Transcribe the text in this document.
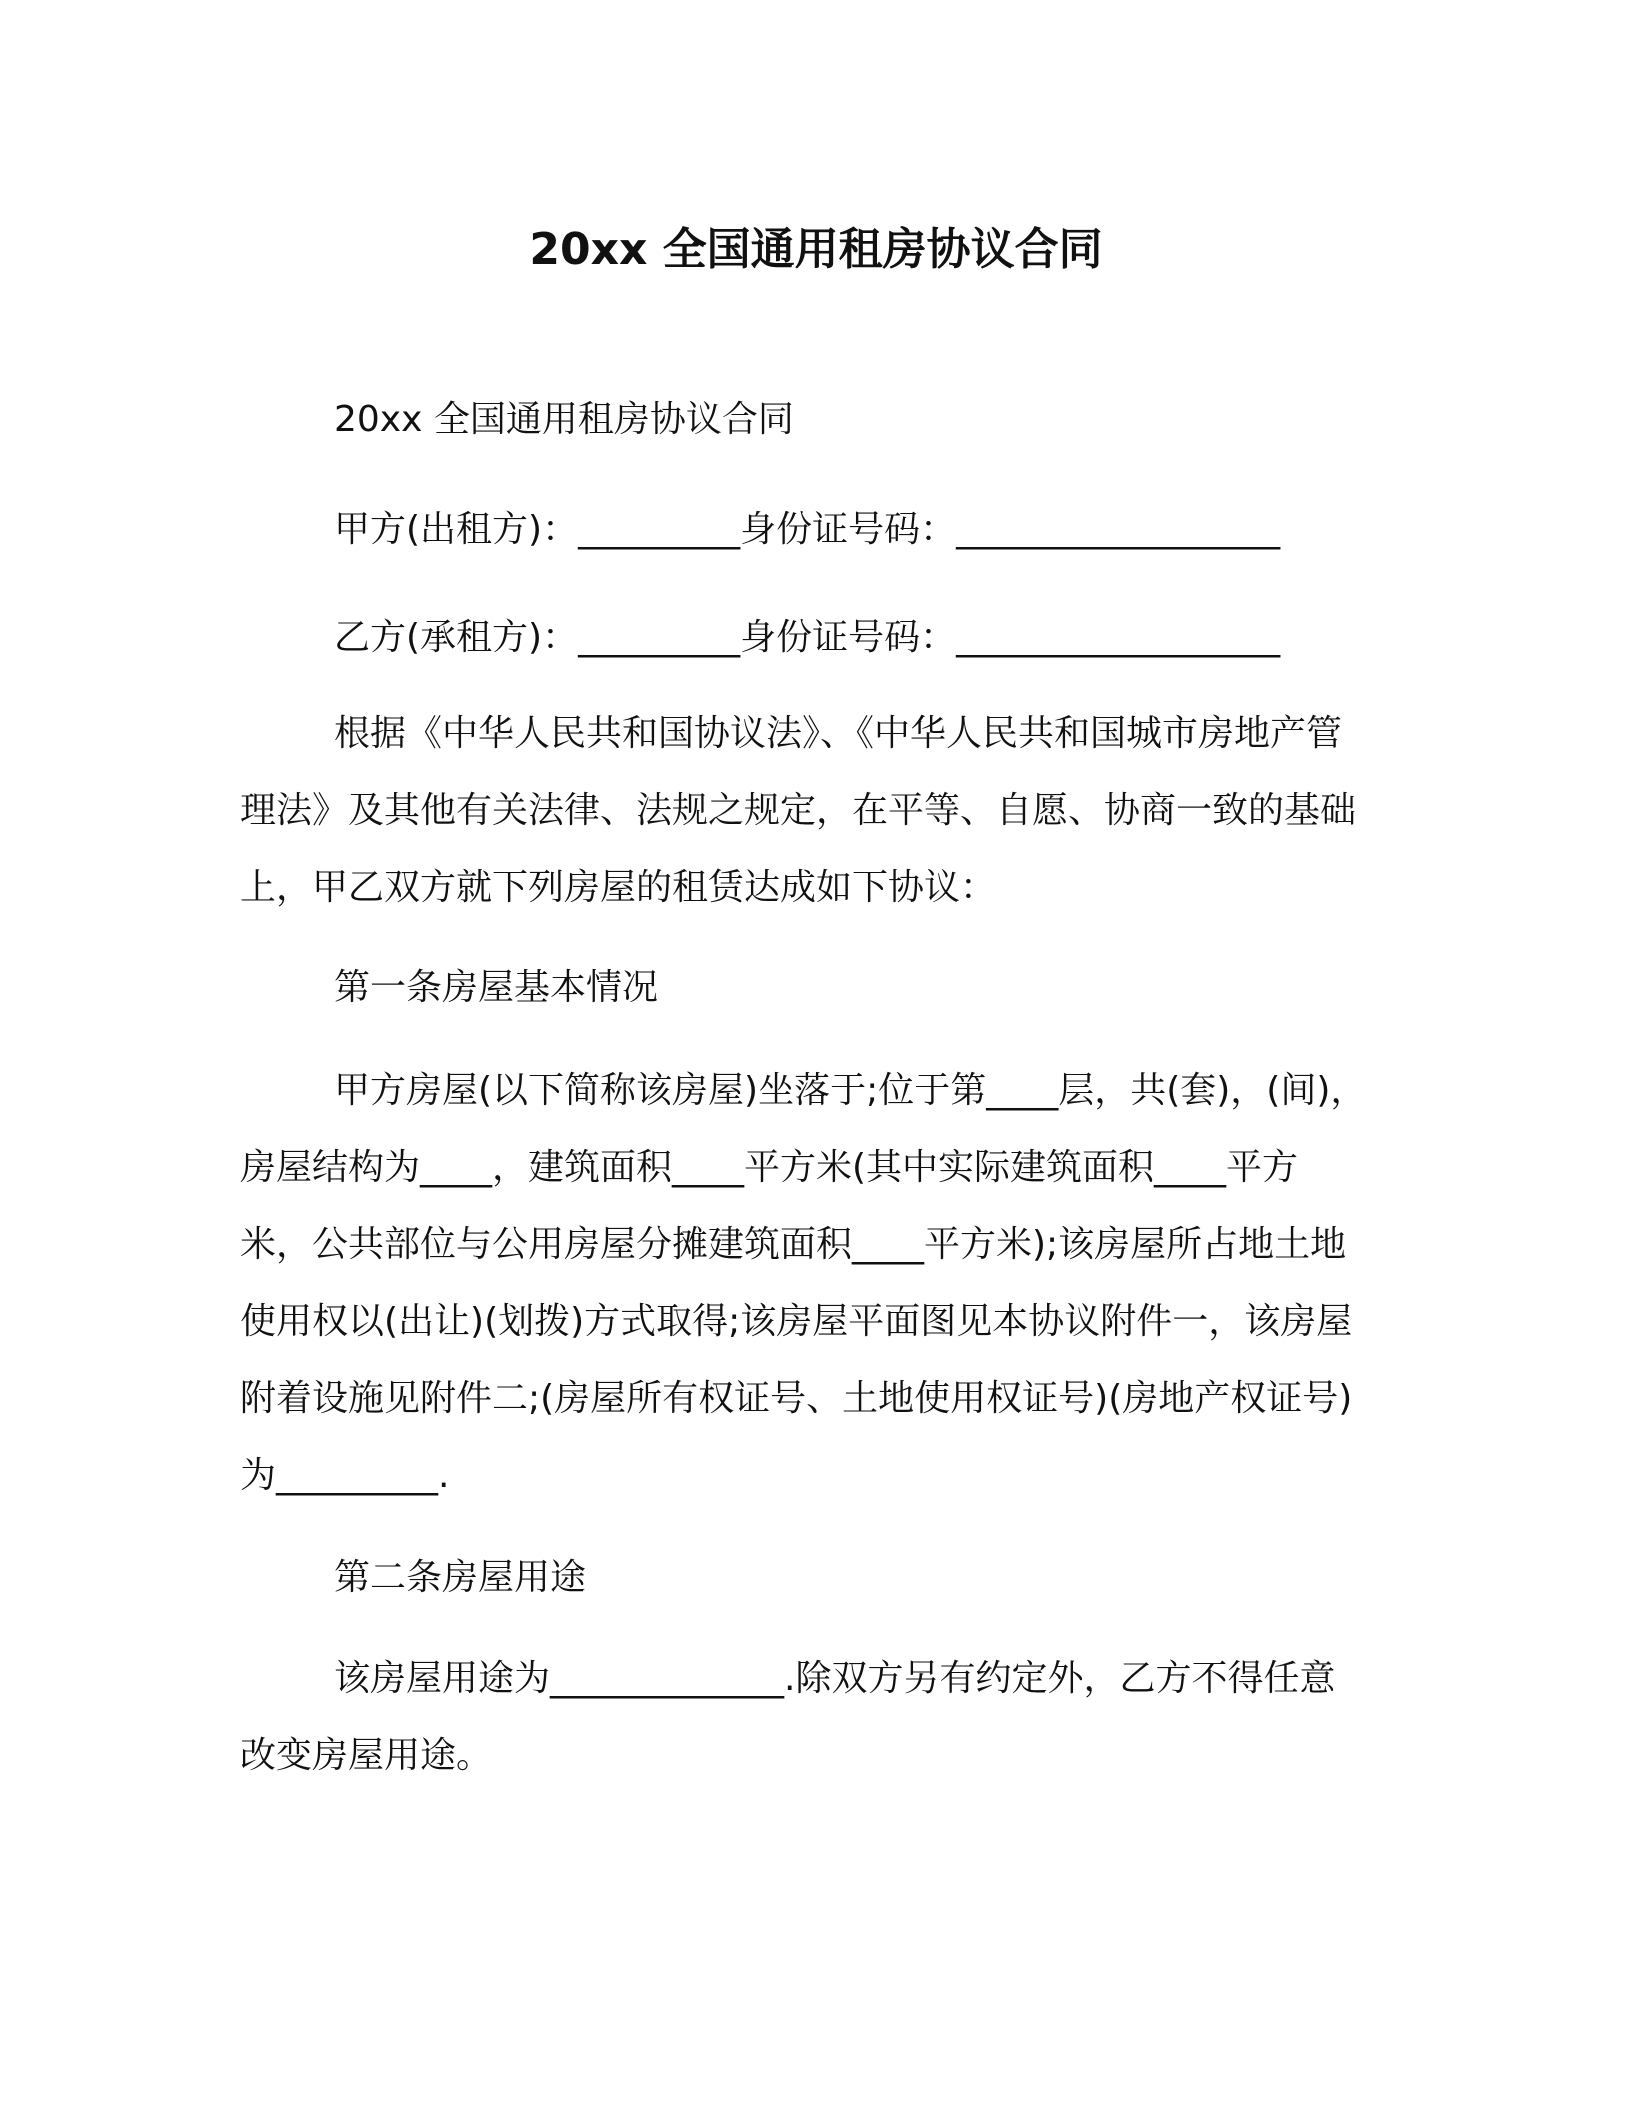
20xx 全国通用租房协议合同
20xx 全国通用租房协议合同
甲方(出租方)：_________身份证号码：__________________
乙方(承租方)：_________身份证号码：__________________

根据《中华人民共和国协议法》、《中华人民共和国城市房地产管理法》及其他有关法律、法规之规定，在平等、自愿、协商一致的基础上，甲乙双方就下列房屋的租赁达成如下协议：

第一条房屋基本情况

甲方房屋(以下简称该房屋)坐落于;位于第____层，共(套)，(间)，房屋结构为____，建筑面积____平方米(其中实际建筑面积____平方米，公共部位与公用房屋分摊建筑面积____平方米);该房屋所占地土地使用权以(出让)(划拨)方式取得;该房屋平面图见本协议附件一，该房屋附着设施见附件二;(房屋所有权证号、土地使用权证号)(房地产权证号)为_________.

第二条房屋用途

该房屋用途为_____________.除双方另有约定外，乙方不得任意改变房屋用途。
